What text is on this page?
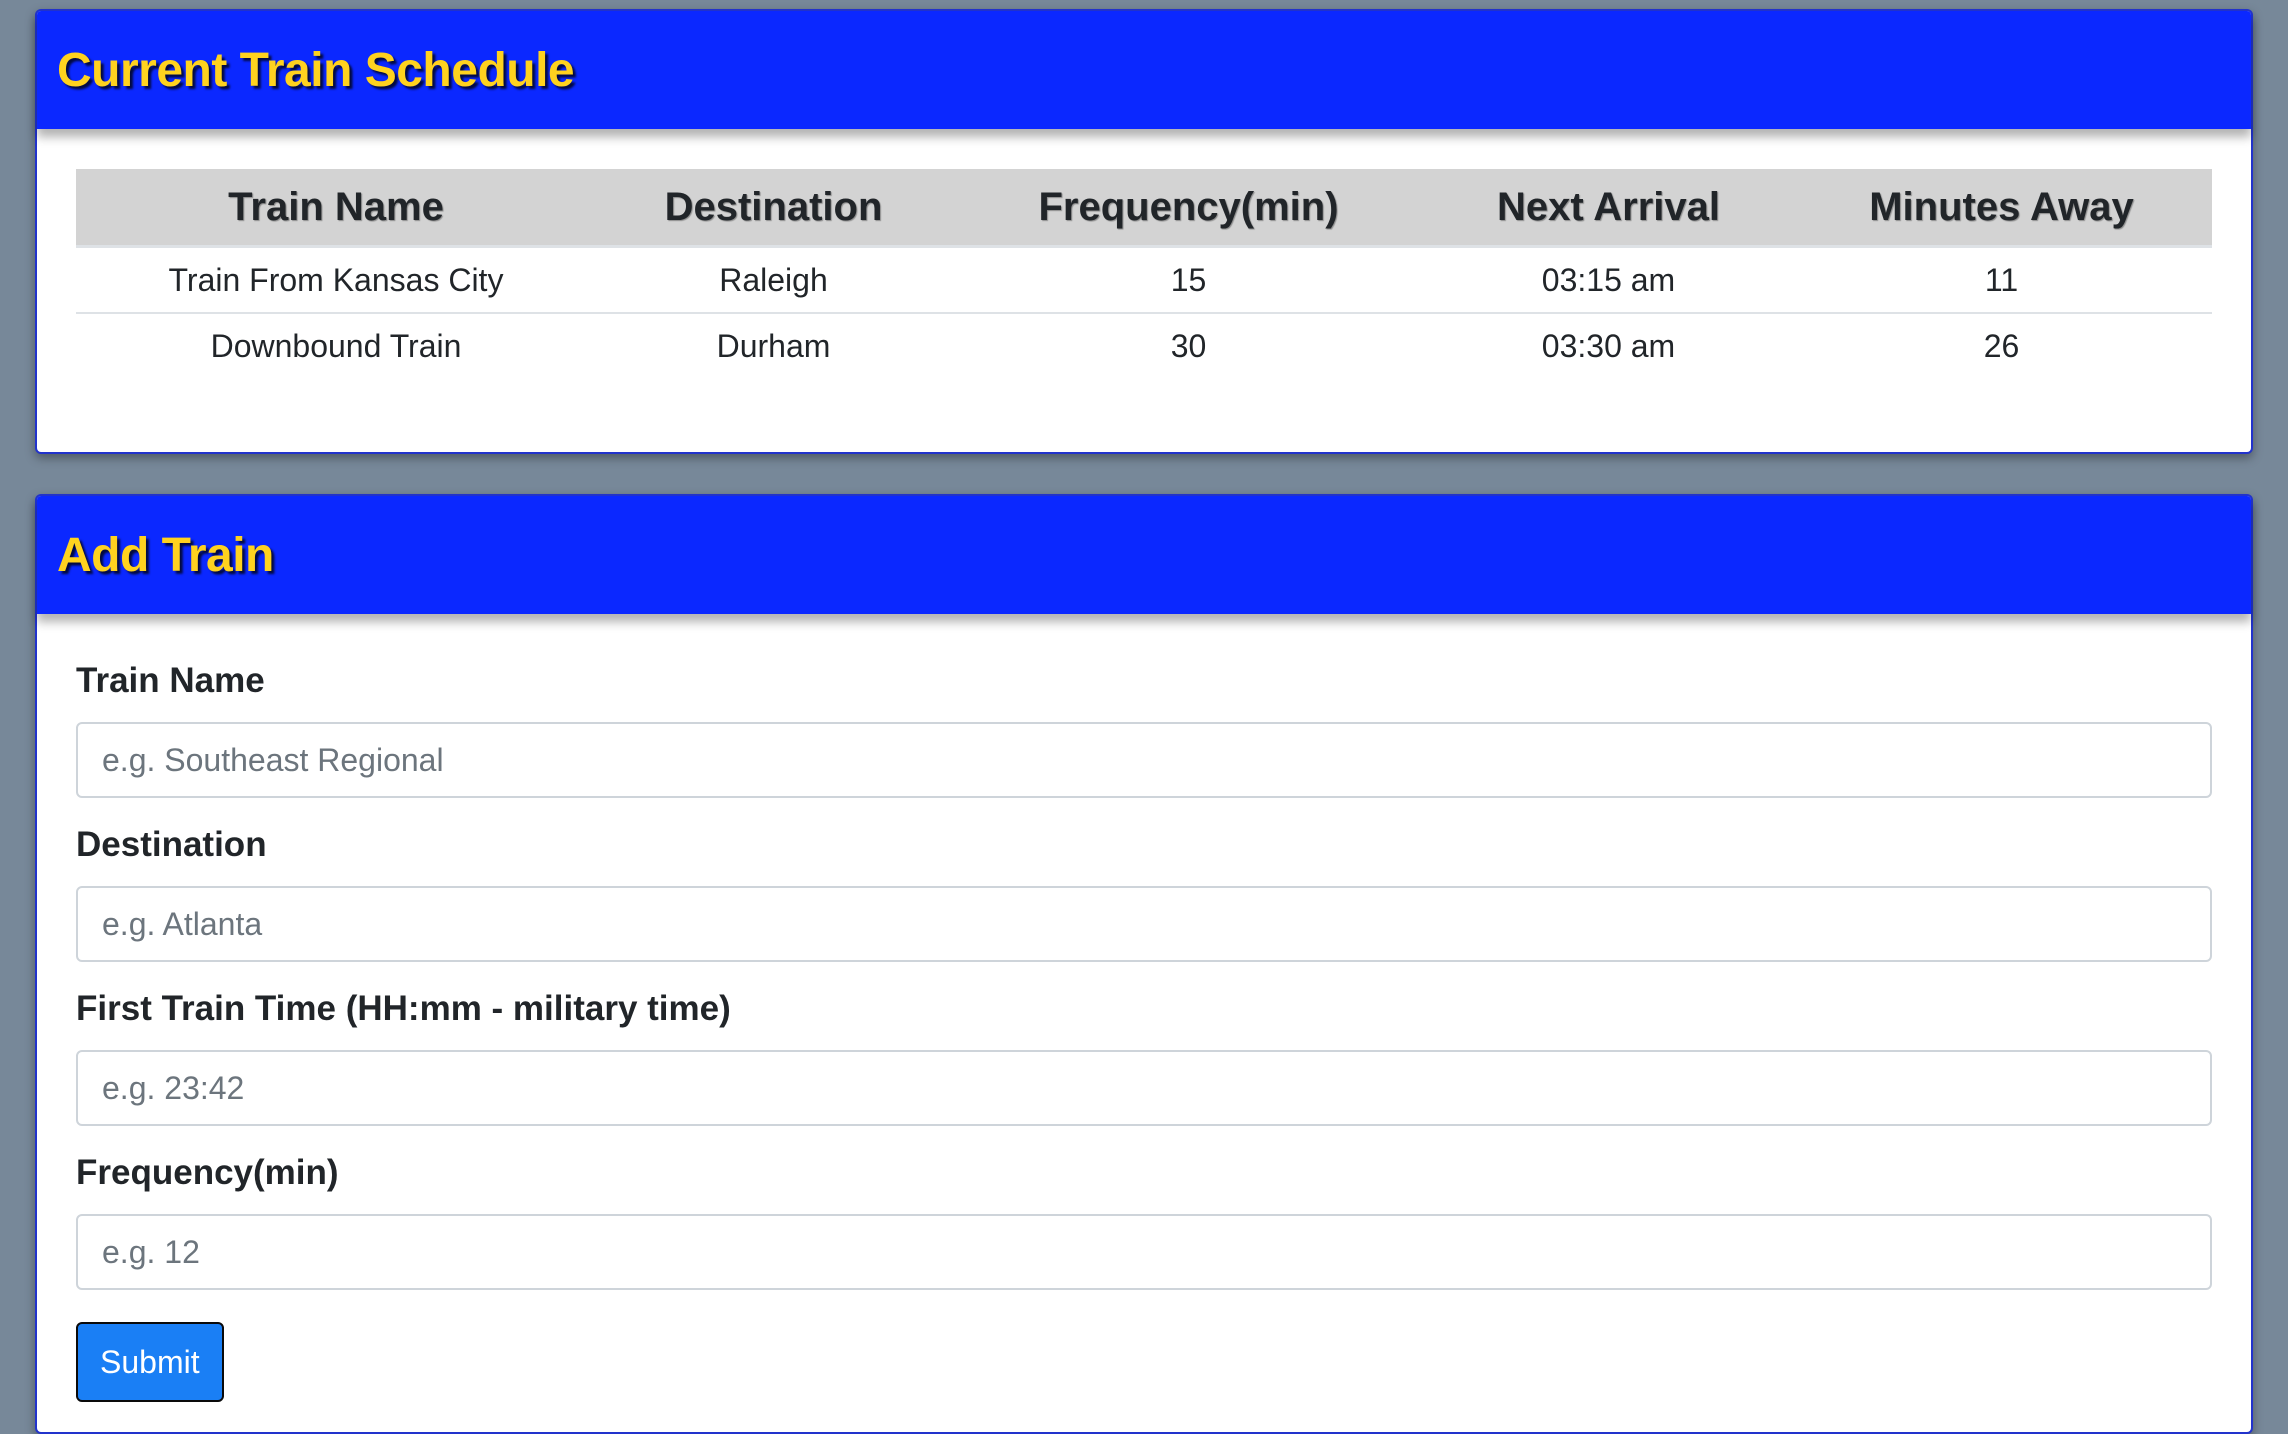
Current Train Schedule
Train Name	Destination	Frequency(min)	Next Arrival	Minutes Away
Train From Kansas City	Raleigh	15	03:15 am	11
Downbound Train	Durham	30	03:30 am	26
Add Train
Train Name
e.g. Southeast Regional
Destination
e.g. Atlanta
First Train Time (HH:mm - military time)
e.g. 23:42
Frequency(min)
e.g. 12
Submit
